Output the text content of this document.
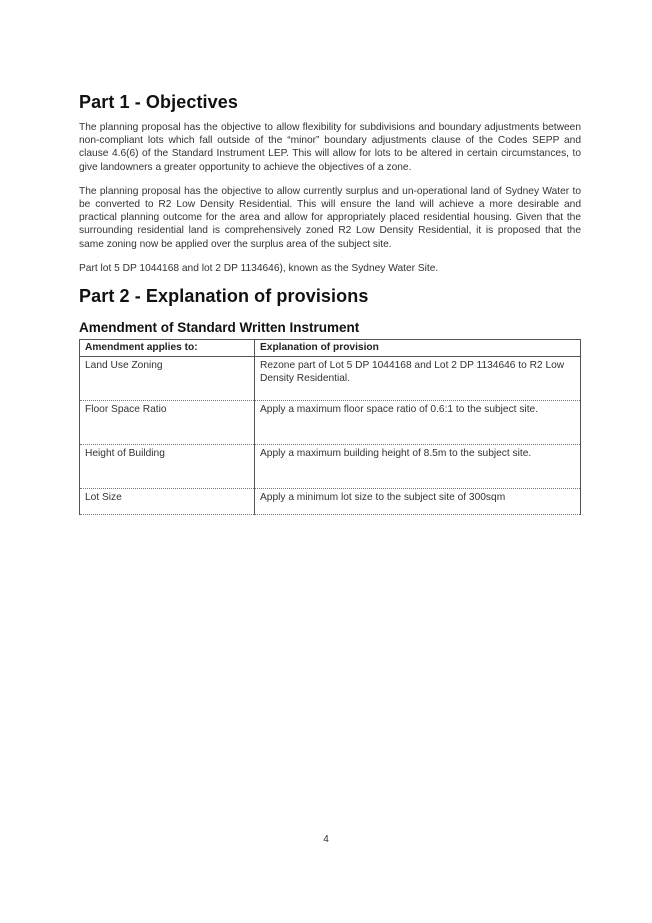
Part 1 - Objectives

The planning proposal has the objective to allow flexibility for subdivisions and boundary adjustments between non-compliant lots which fall outside of the “minor” boundary adjustments clause of the Codes SEPP and clause 4.6(6) of the Standard Instrument LEP. This will allow for lots to be altered in certain circumstances, to give landowners a greater opportunity to achieve the objectives of a zone.

The planning proposal has the objective to allow currently surplus and un-operational land of Sydney Water to be converted to R2 Low Density Residential. This will ensure the land will achieve a more desirable and practical planning outcome for the area and allow for appropriately placed residential housing. Given that the surrounding residential land is comprehensively zoned R2 Low Density Residential, it is proposed that the same zoning now be applied over the surplus area of the subject site.

Part lot 5 DP 1044168 and lot 2 DP 1134646), known as the Sydney Water Site.

Part 2 - Explanation of provisions
Amendment of Standard Written Instrument
Amendment applies to:	Explanation of provision
Land Use Zoning	Rezone part of Lot 5 DP 1044168 and Lot 2 DP 1134646 to R2 Low Density Residential.
Floor Space Ratio	Apply a maximum floor space ratio of 0.6:1 to the subject site.
Height of Building	Apply a maximum building height of 8.5m to the subject site.
Lot Size	Apply a minimum lot size to the subject site of 300sqm
4
